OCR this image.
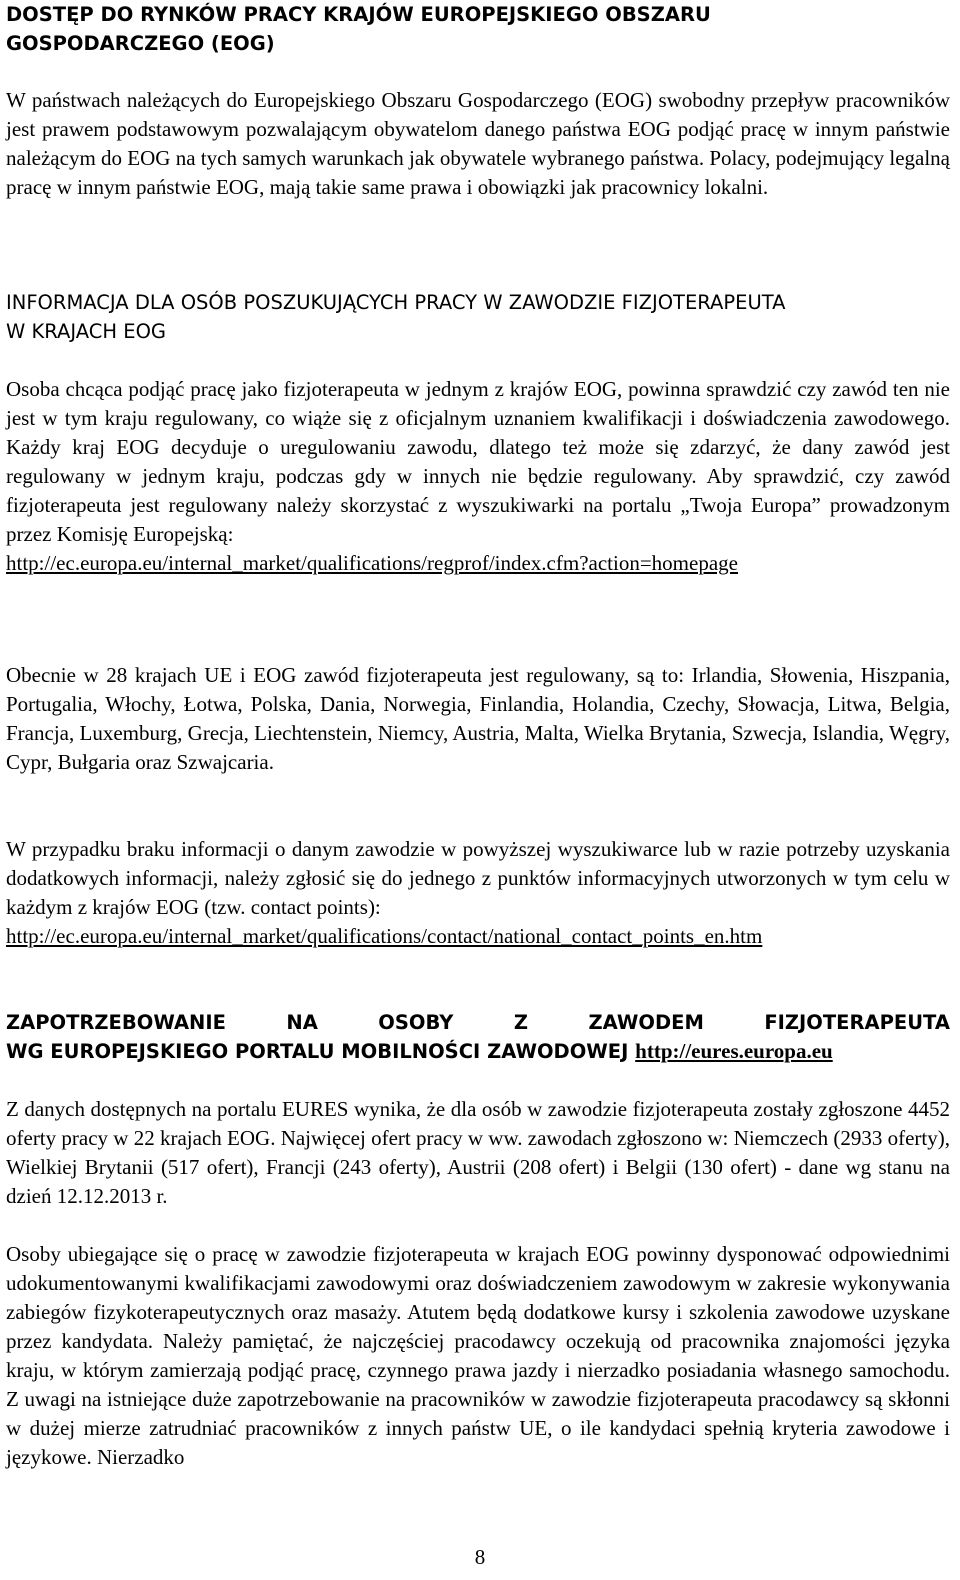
DOSTĘP DO RYNKÓW PRACY KRAJÓW EUROPEJSKIEGO OBSZARU
GOSPODARCZEGO (EOG)

W państwach należących do Europejskiego Obszaru Gospodarczego (EOG) swobodny przepływ pracowników jest prawem podstawowym pozwalającym obywatelom danego państwa EOG podjąć pracę w innym państwie należącym do EOG na tych samych warunkach jak obywatele wybranego państwa. Polacy, podejmujący legalną pracę w innym państwie EOG, mają takie same prawa i obowiązki jak pracownicy lokalni.

INFORMACJA DLA OSÓB POSZUKUJĄCYCH PRACY W ZAWODZIE FIZJOTERAPEUTA
W KRAJACH EOG

Osoba chcąca podjąć pracę jako fizjoterapeuta w jednym z krajów EOG, powinna sprawdzić czy zawód ten nie jest w tym kraju regulowany, co wiąże się z oficjalnym uznaniem kwalifikacji i doświadczenia zawodowego. Każdy kraj EOG decyduje o uregulowaniu zawodu, dlatego też może się zdarzyć, że dany zawód jest regulowany w jednym kraju, podczas gdy w innych nie będzie regulowany. Aby sprawdzić, czy zawód fizjoterapeuta jest regulowany należy skorzystać z wyszukiwarki na portalu „Twoja Europa” prowadzonym przez Komisję Europejską:

http://ec.europa.eu/internal_market/qualifications/regprof/index.cfm?action=homepage

Obecnie w 28 krajach UE i EOG zawód fizjoterapeuta jest regulowany, są to: Irlandia, Słowenia, Hiszpania, Portugalia, Włochy, Łotwa, Polska, Dania, Norwegia, Finlandia, Holandia, Czechy, Słowacja, Litwa, Belgia, Francja, Luxemburg, Grecja, Liechtenstein, Niemcy, Austria, Malta, Wielka Brytania, Szwecja, Islandia, Węgry, Cypr, Bułgaria oraz Szwajcaria.

W przypadku braku informacji o danym zawodzie w powyższej wyszukiwarce lub w razie potrzeby uzyskania dodatkowych informacji, należy zgłosić się do jednego z punktów informacyjnych utworzonych w tym celu w każdym z krajów EOG (tzw. contact points):

http://ec.europa.eu/internal_market/qualifications/contact/national_contact_points_en.htm
ZAPOTRZEBOWANIE	NA	OSOBY	Z	ZAWODEM	FIZJOTERAPEUTA
WG EUROPEJSKIEGO PORTALU MOBILNOŚCI ZAWODOWEJ http://eures.europa.eu

Z danych dostępnych na portalu EURES wynika, że dla osób w zawodzie fizjoterapeuta zostały zgłoszone 4452 oferty pracy w 22 krajach EOG. Najwięcej ofert pracy w ww. zawodach zgłoszono w: Niemczech (2933 oferty), Wielkiej Brytanii (517 ofert), Francji (243 oferty), Austrii (208 ofert) i Belgii (130 ofert) - dane wg stanu na dzień 12.12.2013 r.

Osoby ubiegające się o pracę w zawodzie fizjoterapeuta w krajach EOG powinny dysponować odpowiednimi udokumentowanymi kwalifikacjami zawodowymi oraz doświadczeniem zawodowym w zakresie wykonywania zabiegów fizykoterapeutycznych oraz masaży. Atutem będą dodatkowe kursy i szkolenia zawodowe uzyskane przez kandydata. Należy pamiętać, że najczęściej pracodawcy oczekują od pracownika znajomości języka kraju, w którym zamierzają podjąć pracę, czynnego prawa jazdy i nierzadko posiadania własnego samochodu. Z uwagi na istniejące duże zapotrzebowanie na pracowników w zawodzie fizjoterapeuta pracodawcy są skłonni w dużej mierze zatrudniać pracowników z innych państw UE, o ile kandydaci spełnią kryteria zawodowe i językowe. Nierzadko

8
